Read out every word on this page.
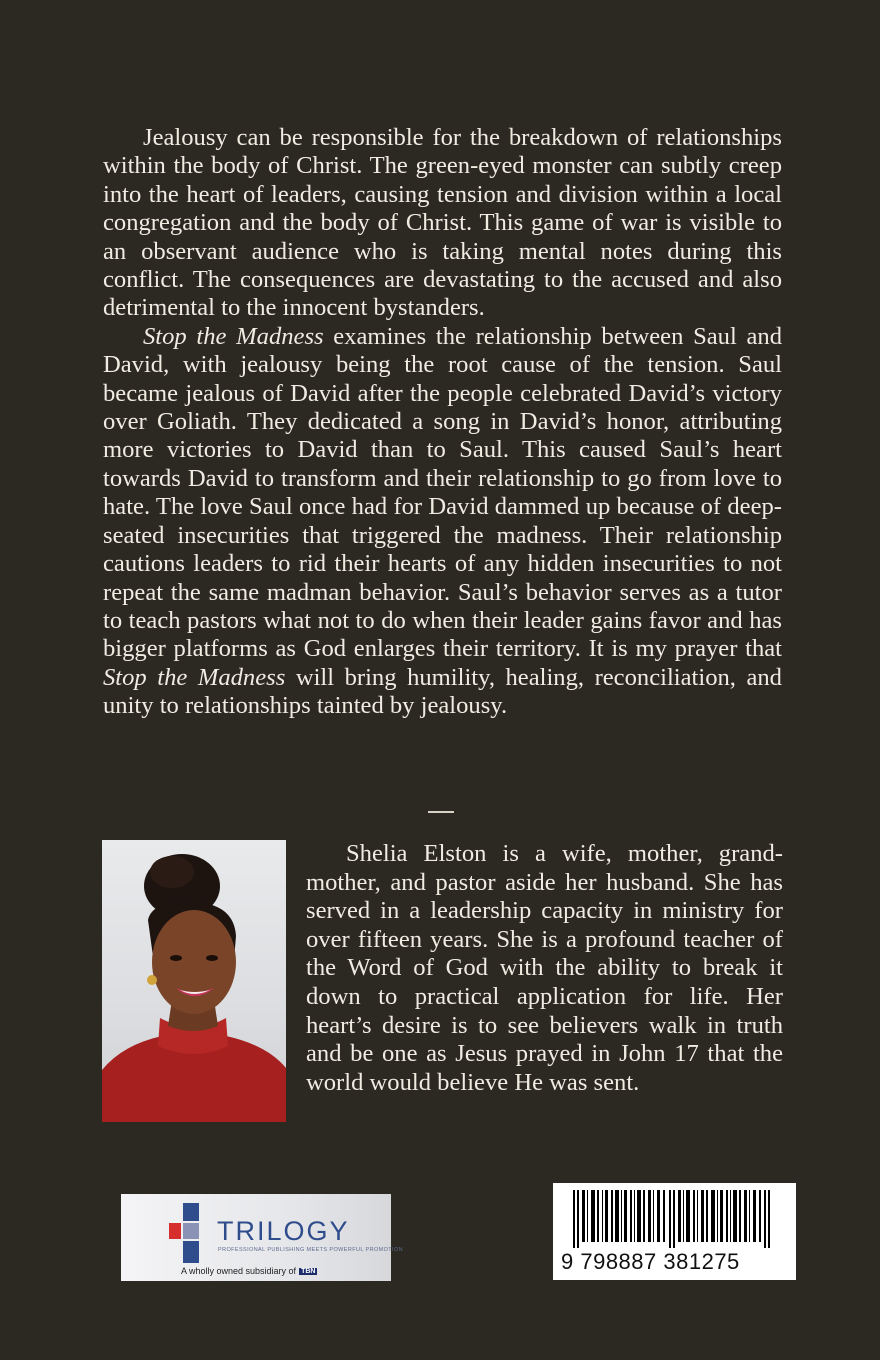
Jealousy can be responsible for the breakdown of relationships within the body of Christ. The green-eyed monster can subtly creep into the heart of leaders, causing tension and division within a local congregation and the body of Christ. This game of war is visible to an observant audience who is taking mental notes during this conflict. The consequences are devastating to the accused and also detrimental to the innocent bystanders.

Stop the Madness examines the relationship between Saul and David, with jealousy being the root cause of the tension. Saul became jealous of David after the people celebrated David’s victory over Goliath. They dedicated a song in David’s honor, attributing more victories to David than to Saul. This caused Saul’s heart towards David to transform and their relationship to go from love to hate. The love Saul once had for David dammed up because of deep-seated insecurities that triggered the madness. Their relationship cautions leaders to rid their hearts of any hidden insecurities to not repeat the same madman behavior. Saul’s behavior serves as a tutor to teach pastors what not to do when their leader gains favor and has bigger platforms as God enlarges their territory. It is my prayer that Stop the Madness will bring humility, healing, reconciliation, and unity to relationships tainted by jealousy.

Shelia Elston is a wife, mother, grand-mother, and pastor aside her husband. She has served in a leadership capacity in ministry for over fifteen years. She is a profound teacher of the Word of God with the ability to break it down to practical application for life. Her heart’s desire is to see believers walk in truth and be one as Jesus prayed in John 17 that the world would believe He was sent.

TRILOGY
PROFESSIONAL PUBLISHING MEETS POWERFUL PROMOTION
A wholly owned subsidiary of TBN	9 798887 381275
